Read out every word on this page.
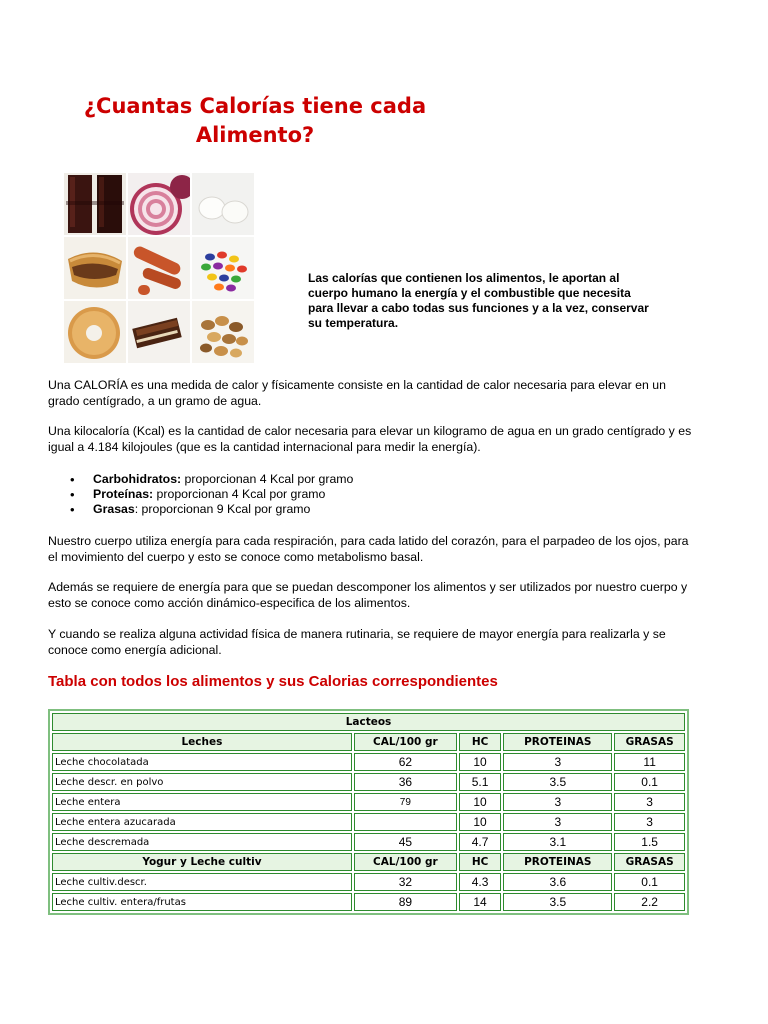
¿Cuantas Calorías tiene cada
Alimento?

Las calorías que contienen los alimentos, le aportan al cuerpo humano la energía y el combustible que necesita para llevar a cabo todas sus funciones y a la vez, conservar su temperatura.

Una CALORÍA es una medida de calor y físicamente consiste en la cantidad de calor necesaria para elevar en un grado centígrado, a un gramo de agua.

Una kilocaloría (Kcal) es la cantidad de calor necesaria para elevar un kilogramo de agua en un grado centígrado y es igual a 4.184 kilojoules (que es la cantidad internacional para medir la energía).

• Carbohidratos: proporcionan 4 Kcal por gramo
• Proteínas: proporcionan 4 Kcal por gramo
• Grasas: proporcionan 9 Kcal por gramo

Nuestro cuerpo utiliza energía para cada respiración, para cada latido del corazón, para el parpadeo de los ojos, para el movimiento del cuerpo y esto se conoce como metabolismo basal.

Además se requiere de energía para que se puedan descomponer los alimentos y ser utilizados por nuestro cuerpo y esto se conoce como acción dinámico-especifica de los alimentos.

Y cuando se realiza alguna actividad física de manera rutinaria, se requiere de mayor energía para realizarla y se conoce como energía adicional.

Tabla con todos los alimentos y sus Calorias correspondientes
Lacteos				
Leches	CAL/100 gr	HC	PROTEINAS	GRASAS
Leche chocolatada	62	10	3	11
Leche descr. en polvo	36	5.1	3.5	0.1
Leche entera	79	10	3	3
Leche entera azucarada		10	3	3
Leche descremada	45	4.7	3.1	1.5
Yogur y Leche cultiv	CAL/100 gr	HC	PROTEINAS	GRASAS
Leche cultiv.descr.	32	4.3	3.6	0.1
Leche cultiv. entera/frutas	89	14	3.5	2.2
